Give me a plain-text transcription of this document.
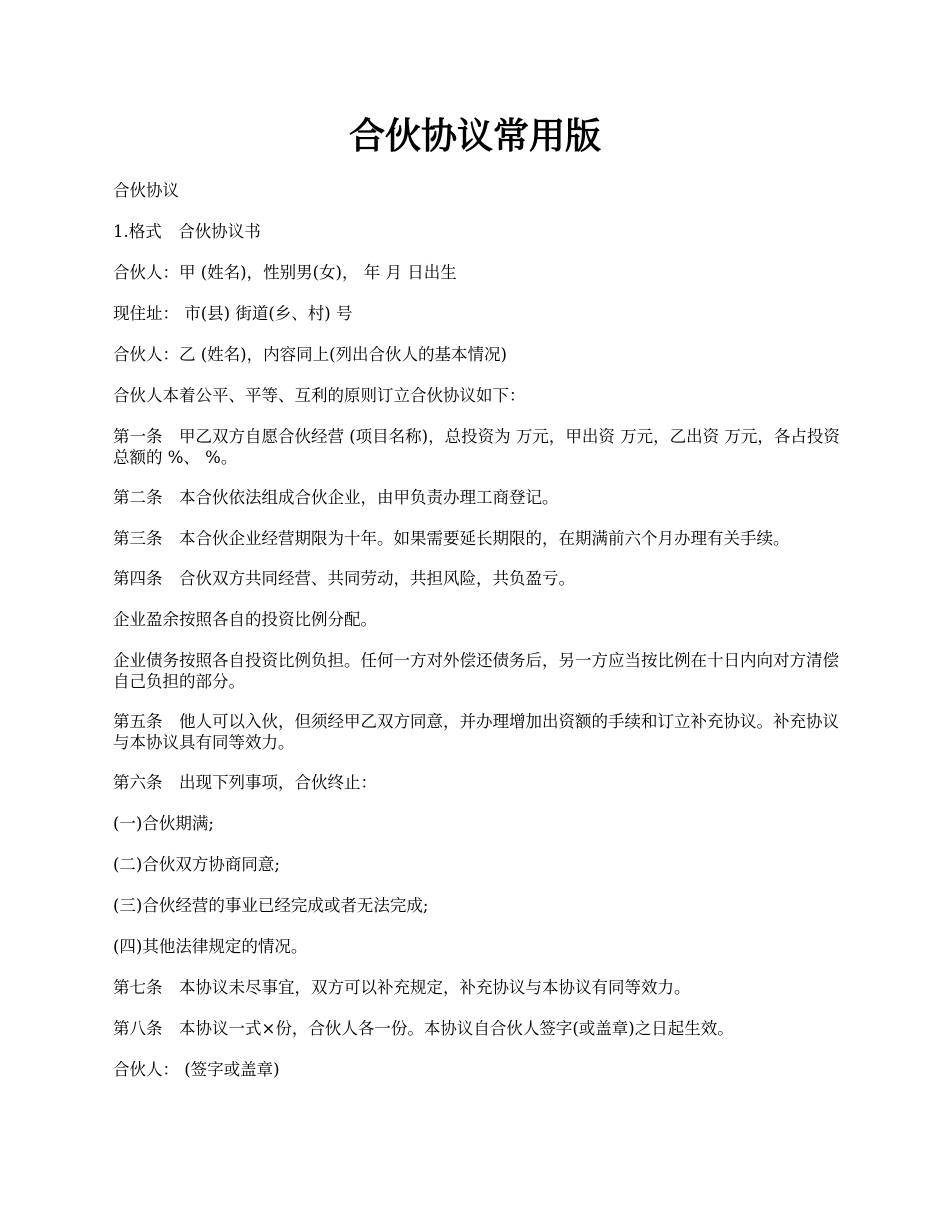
合伙协议常用版

合伙协议

1.格式　合伙协议书

合伙人：甲 (姓名)，性别男(女)， 年 月 日出生

现住址： 市(县) 街道(乡、村) 号

合伙人：乙 (姓名)，内容同上(列出合伙人的基本情况)

合伙人本着公平、平等、互利的原则订立合伙协议如下：

第一条　甲乙双方自愿合伙经营 (项目名称)，总投资为 万元，甲出资 万元，乙出资 万元，各占投资总额的 %、 %。

第二条　本合伙依法组成合伙企业，由甲负责办理工商登记。

第三条　本合伙企业经营期限为十年。如果需要延长期限的，在期满前六个月办理有关手续。

第四条　合伙双方共同经营、共同劳动，共担风险，共负盈亏。

企业盈余按照各自的投资比例分配。

企业债务按照各自投资比例负担。任何一方对外偿还债务后，另一方应当按比例在十日内向对方清偿自己负担的部分。

第五条　他人可以入伙，但须经甲乙双方同意，并办理增加出资额的手续和订立补充协议。补充协议与本协议具有同等效力。

第六条　出现下列事项，合伙终止：

(一)合伙期满;

(二)合伙双方协商同意;

(三)合伙经营的事业已经完成或者无法完成;

(四)其他法律规定的情况。

第七条　本协议未尽事宜，双方可以补充规定，补充协议与本协议有同等效力。

第八条　本协议一式×份，合伙人各一份。本协议自合伙人签字(或盖章)之日起生效。

合伙人： (签字或盖章)
